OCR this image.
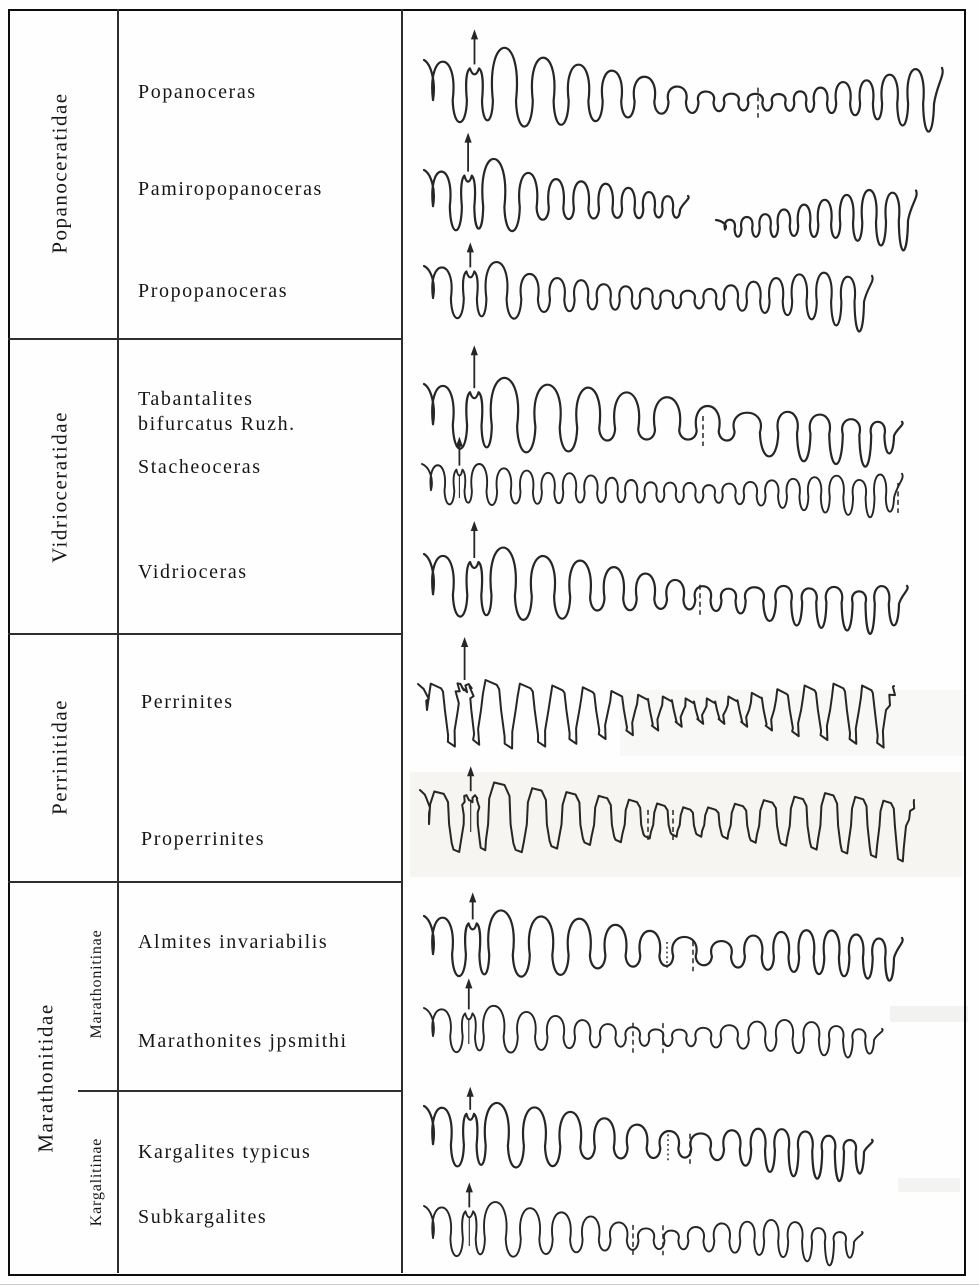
Popanoceratidae
Vidrioceratidae
Perrinitidae
Marathonitidae
Marathonitinae
Kargalitinae
Popanoceras
Pamiropopanoceras
Propopanoceras
Tabantalites bifurcatus Ruzh.
Stacheoceras
Vidrioceras
Perrinites
Properrinites
Almites invariabilis
Marathonites jpsmithi
Kargalites typicus
Subkargalites
